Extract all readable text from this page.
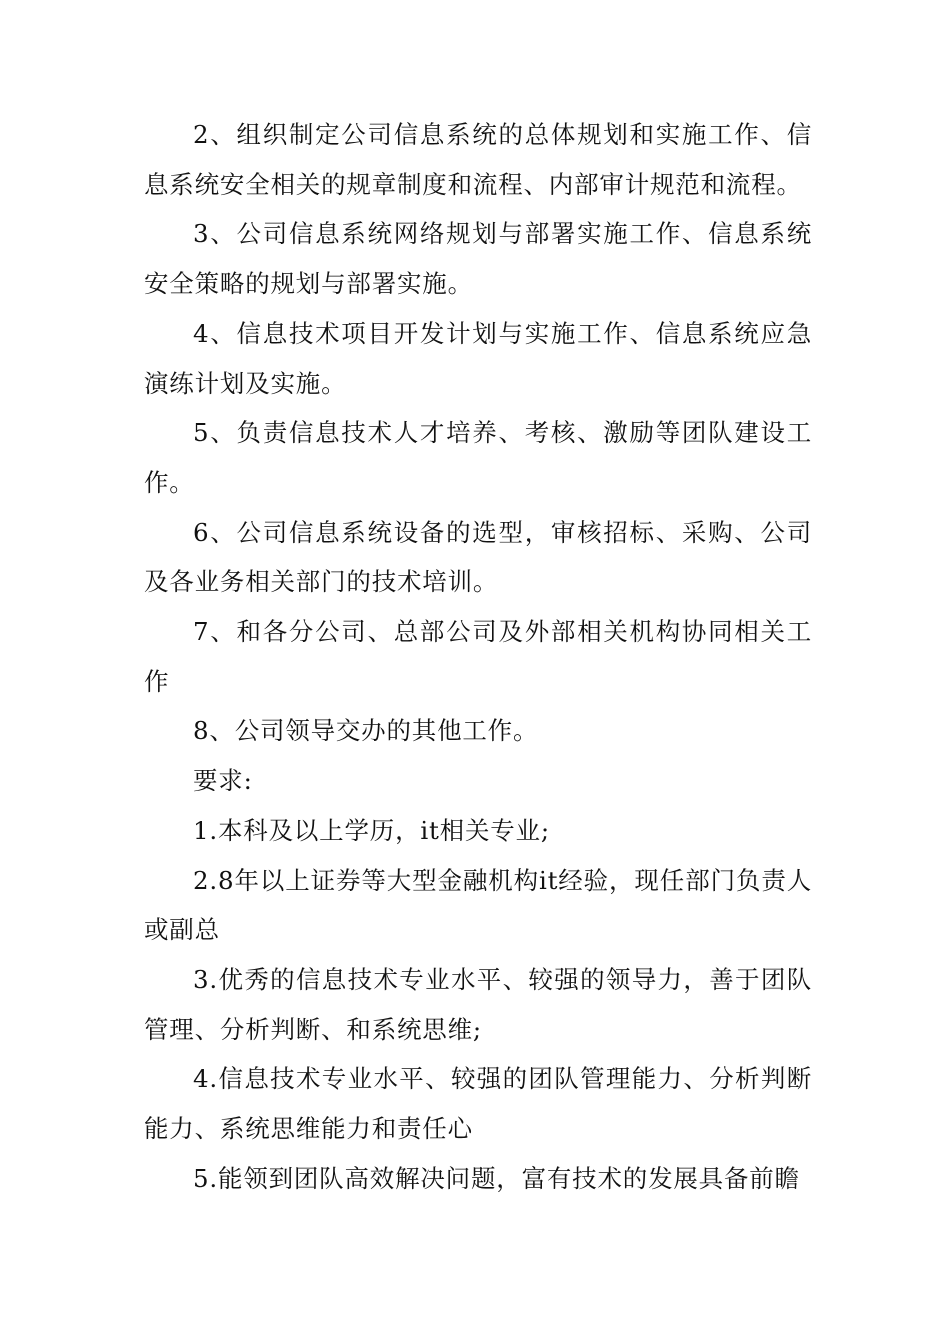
2、组织制定公司信息系统的总体规划和实施工作、信息系统安全相关的规章制度和流程、内部审计规范和流程。

3、公司信息系统网络规划与部署实施工作、信息系统安全策略的规划与部署实施。

4、信息技术项目开发计划与实施工作、信息系统应急演练计划及实施。

5、负责信息技术人才培养、考核、激励等团队建设工作。

6、公司信息系统设备的选型，审核招标、采购、公司及各业务相关部门的技术培训。

7、和各分公司、总部公司及外部相关机构协同相关工作

8、公司领导交办的其他工作。

要求:

1.本科及以上学历，it相关专业;

2.8年以上证券等大型金融机构it经验，现任部门负责人或副总

3.优秀的信息技术专业水平、较强的领导力，善于团队管理、分析判断、和系统思维;

4.信息技术专业水平、较强的团队管理能力、分析判断能力、系统思维能力和责任心

5.能领到团队高效解决问题，富有技术的发展具备前瞻
